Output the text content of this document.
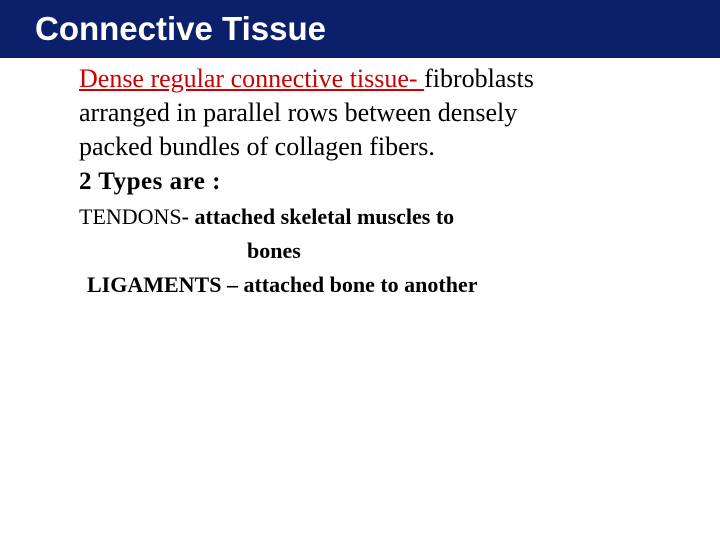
Connective Tissue
Dense regular connective tissue- fibroblasts
arranged in parallel rows between densely
packed bundles of collagen fibers.
2 Types are :
TENDONS- attached skeletal muscles to
bones
LIGAMENTS – attached bone to another
